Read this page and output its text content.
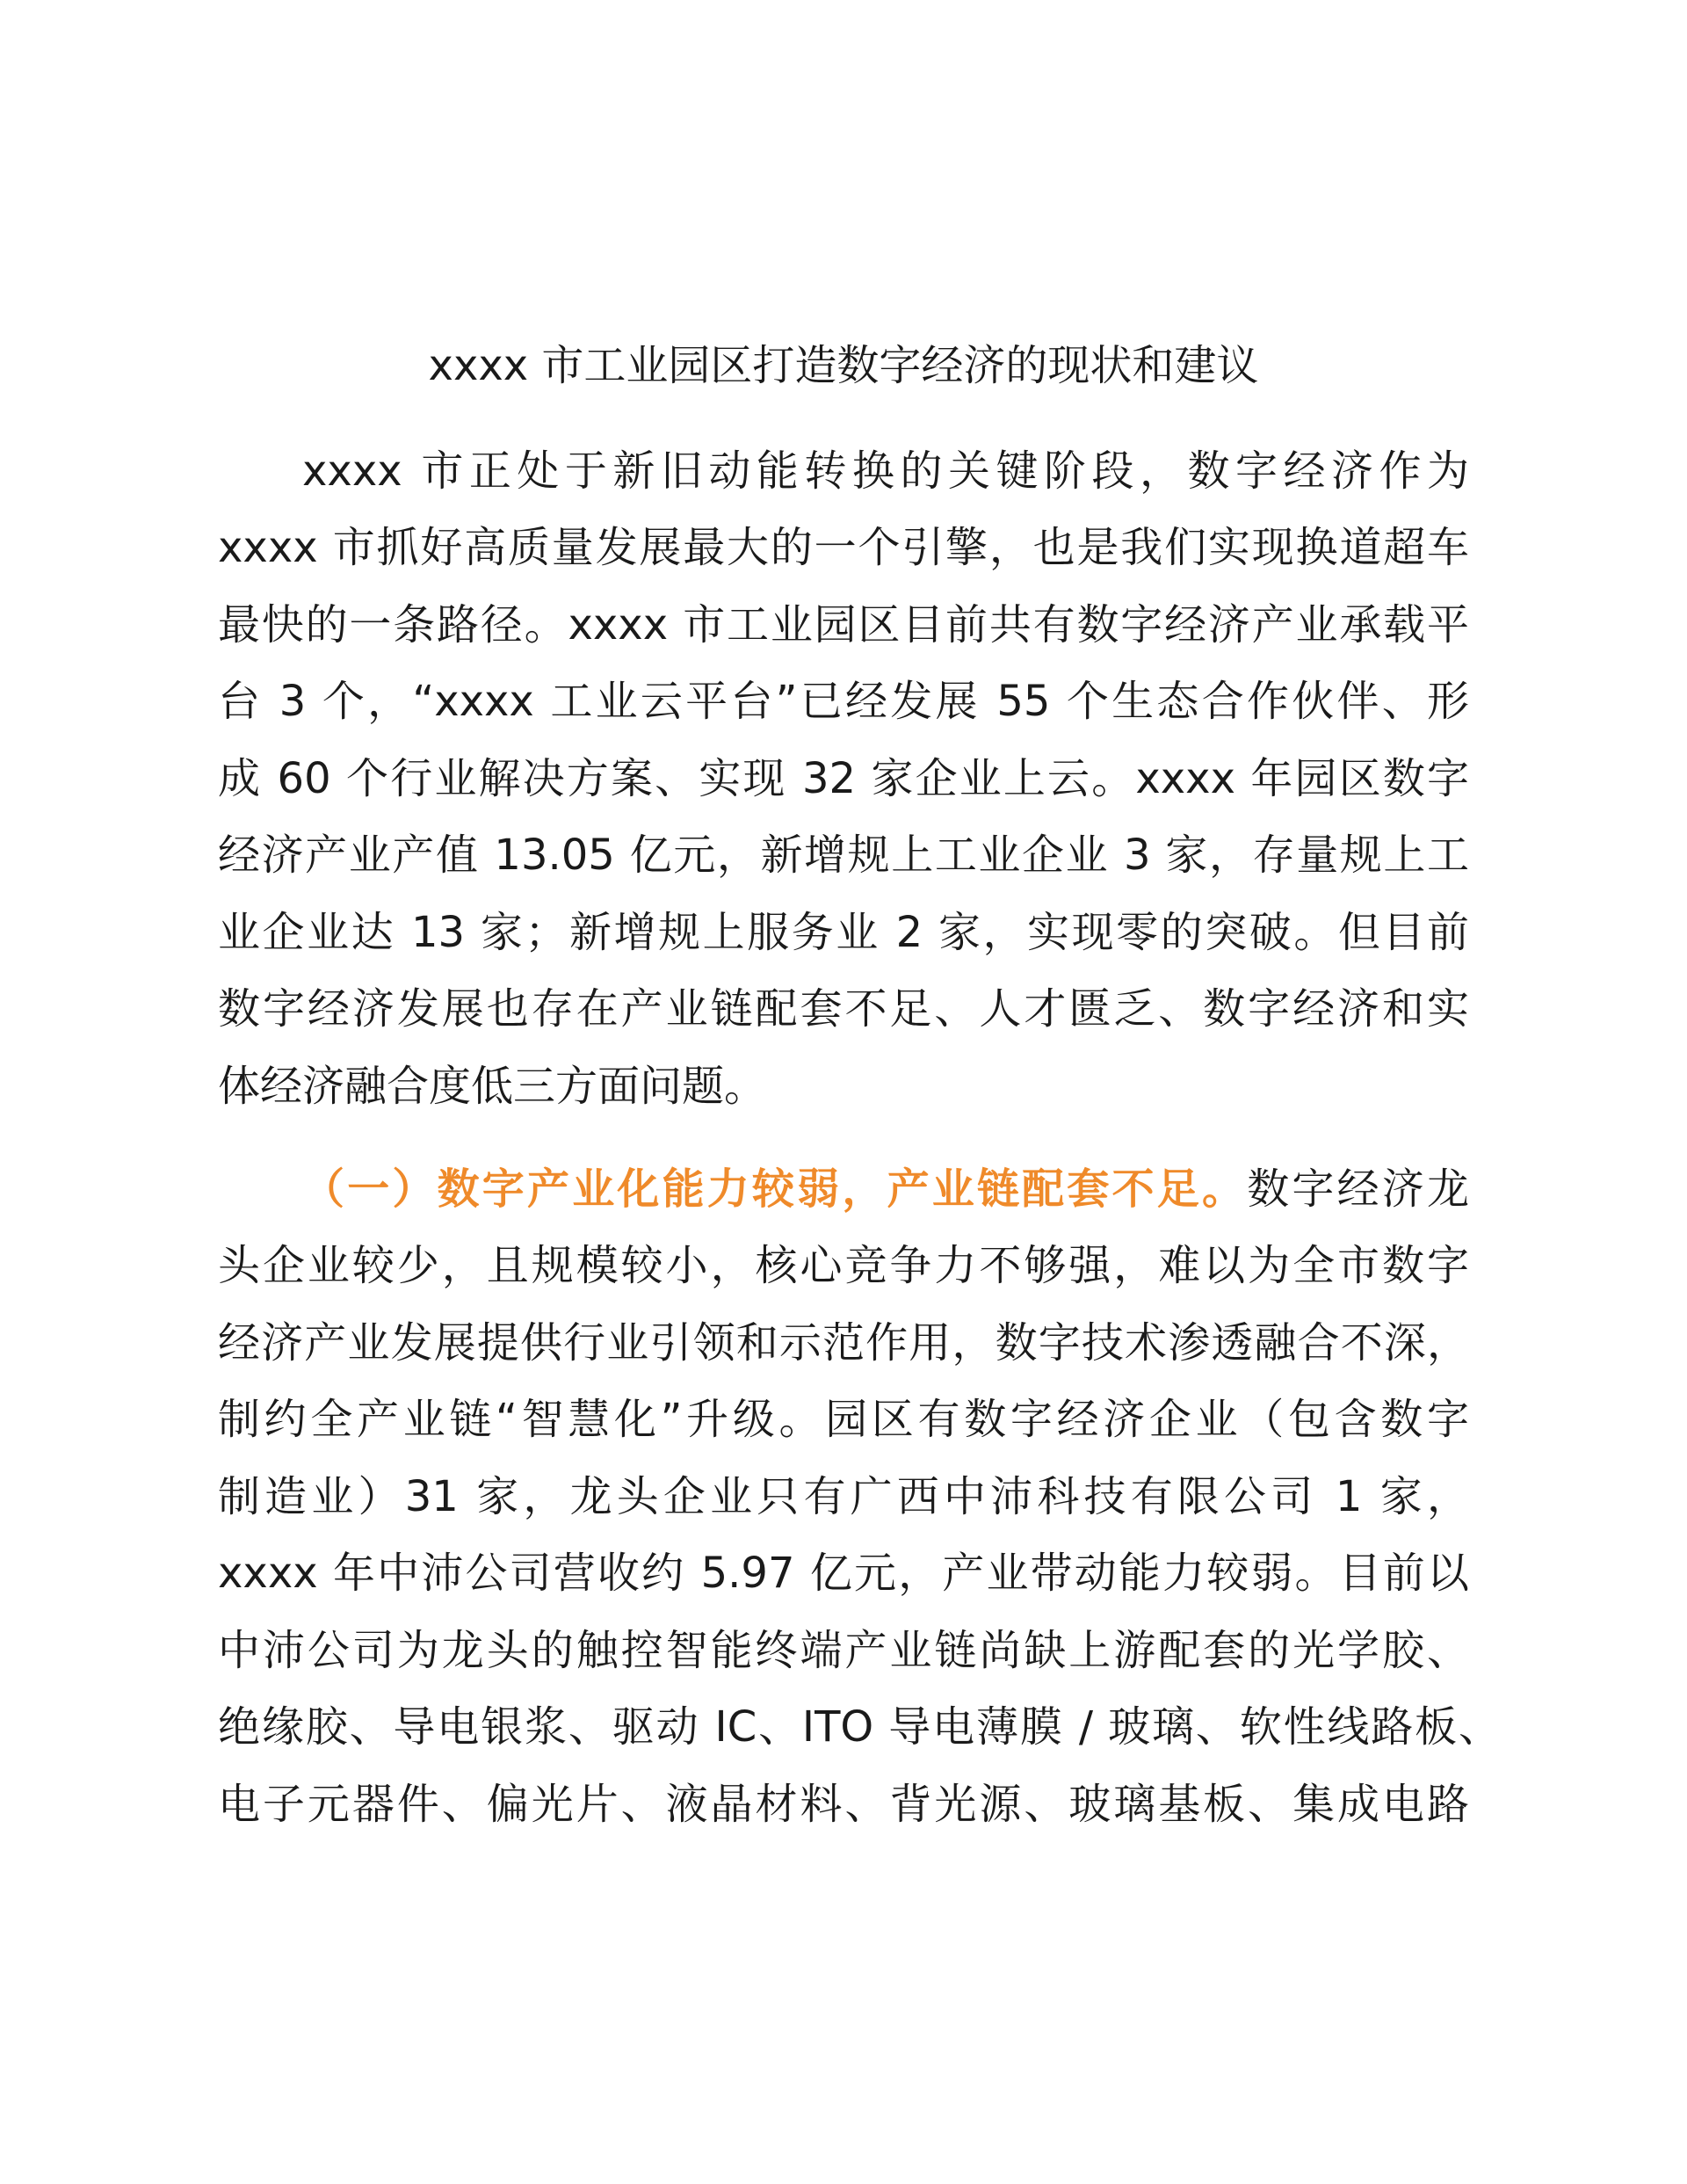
xxxx 市工业园区打造数字经济的现状和建议

xxxx 市正处于新旧动能转换的关键阶段，数字经济作为

xxxx 市抓好高质量发展最大的一个引擎，也是我们实现换道超车

最快的一条路径。xxxx 市工业园区目前共有数字经济产业承载平

台 3 个，“xxxx 工业云平台”已经发展 55 个生态合作伙伴、形

成 60 个行业解决方案、实现 32 家企业上云。xxxx 年园区数字

经济产业产值 13.05 亿元，新增规上工业企业 3 家，存量规上工

业企业达 13 家；新增规上服务业 2 家，实现零的突破。但目前

数字经济发展也存在产业链配套不足、人才匮乏、数字经济和实

体经济融合度低三方面问题。

（一）数字产业化能力较弱，产业链配套不足。数字经济龙

头企业较少，且规模较小，核心竞争力不够强，难以为全市数字

经济产业发展提供行业引领和示范作用，数字技术渗透融合不深，

制约全产业链“智慧化”升级。园区有数字经济企业（包含数字

制造业）31 家，龙头企业只有广西中沛科技有限公司 1 家，

xxxx 年中沛公司营收约 5.97 亿元，产业带动能力较弱。目前以

中沛公司为龙头的触控智能终端产业链尚缺上游配套的光学胶、

绝缘胶、导电银浆、驱动 IC、ITO 导电薄膜 / 玻璃、软性线路板、

电子元器件、偏光片、液晶材料、背光源、玻璃基板、集成电路
